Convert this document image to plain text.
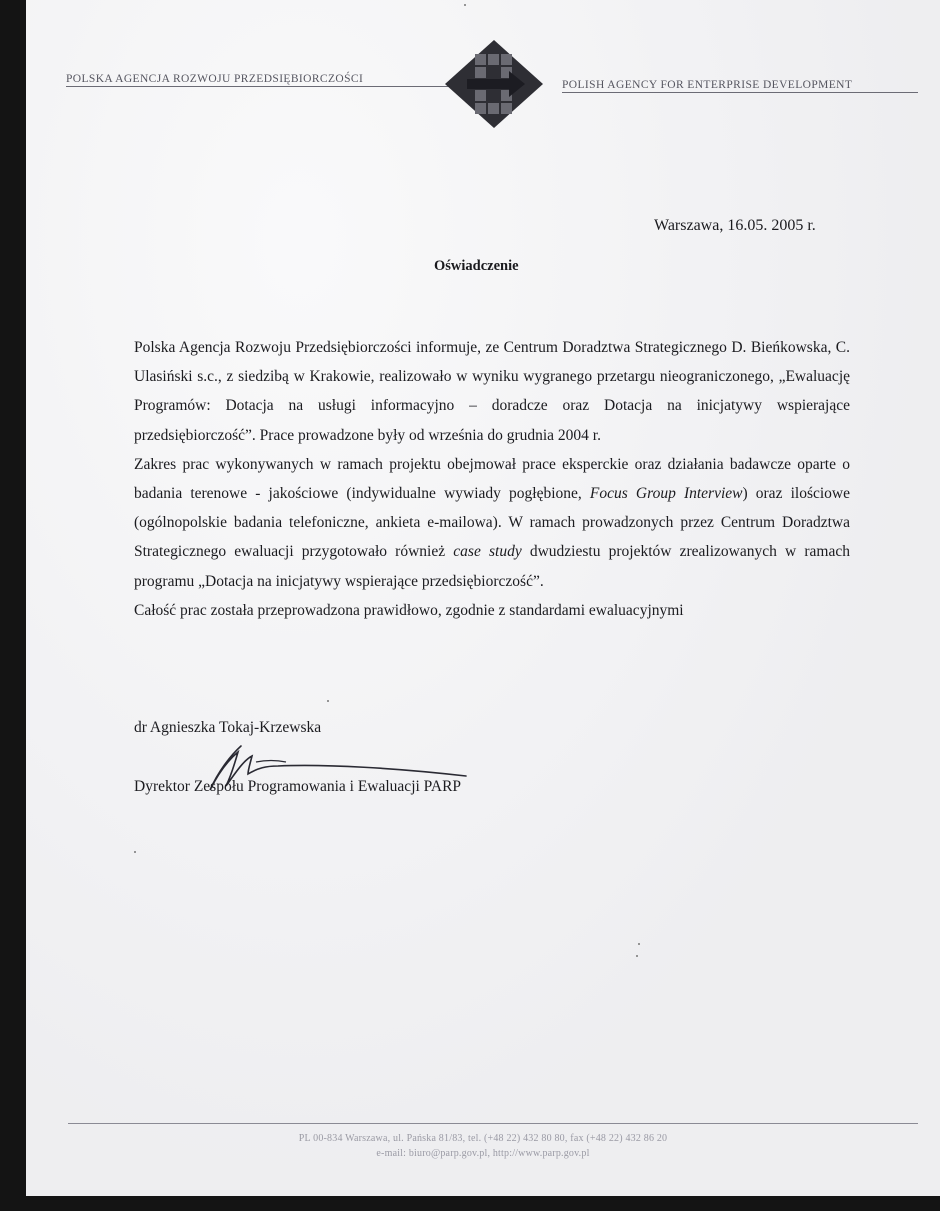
POLSKA AGENCJA ROZWOJU PRZEDSIĘBIORCZOŚCI	POLISH AGENCY FOR ENTERPRISE DEVELOPMENT
Warszawa, 16.05. 2005 r.
Oświadczenie

Polska Agencja Rozwoju Przedsiębiorczości informuje, ze Centrum Doradztwa Strategicznego D. Bieńkowska, C. Ulasiński s.c., z siedzibą w Krakowie, realizowało w wyniku wygranego przetargu nieograniczonego, „Ewaluację Programów: Dotacja na usługi informacyjno – doradcze oraz Dotacja na inicjatywy wspierające przedsiębiorczość”. Prace prowadzone były od września do grudnia 2004 r.

Zakres prac wykonywanych w ramach projektu obejmował prace eksperckie oraz działania badawcze oparte o badania terenowe - jakościowe (indywidualne wywiady pogłębione, Focus Group Interview) oraz ilościowe (ogólnopolskie badania telefoniczne, ankieta e-mailowa). W ramach prowadzonych przez Centrum Doradztwa Strategicznego ewaluacji przygotowało również case study dwudziestu projektów zrealizowanych w ramach programu „Dotacja na inicjatywy wspierające przedsiębiorczość”.

Całość prac została przeprowadzona prawidłowo, zgodnie z standardami ewaluacyjnymi

dr Agnieszka Tokaj-Krzewska
Dyrektor Zespołu Programowania i Ewaluacji PARP
PL 00-834 Warszawa, ul. Pańska 81/83, tel. (+48 22) 432 80 80, fax (+48 22) 432 86 20
e-mail: biuro@parp.gov.pl, http://www.parp.gov.pl
